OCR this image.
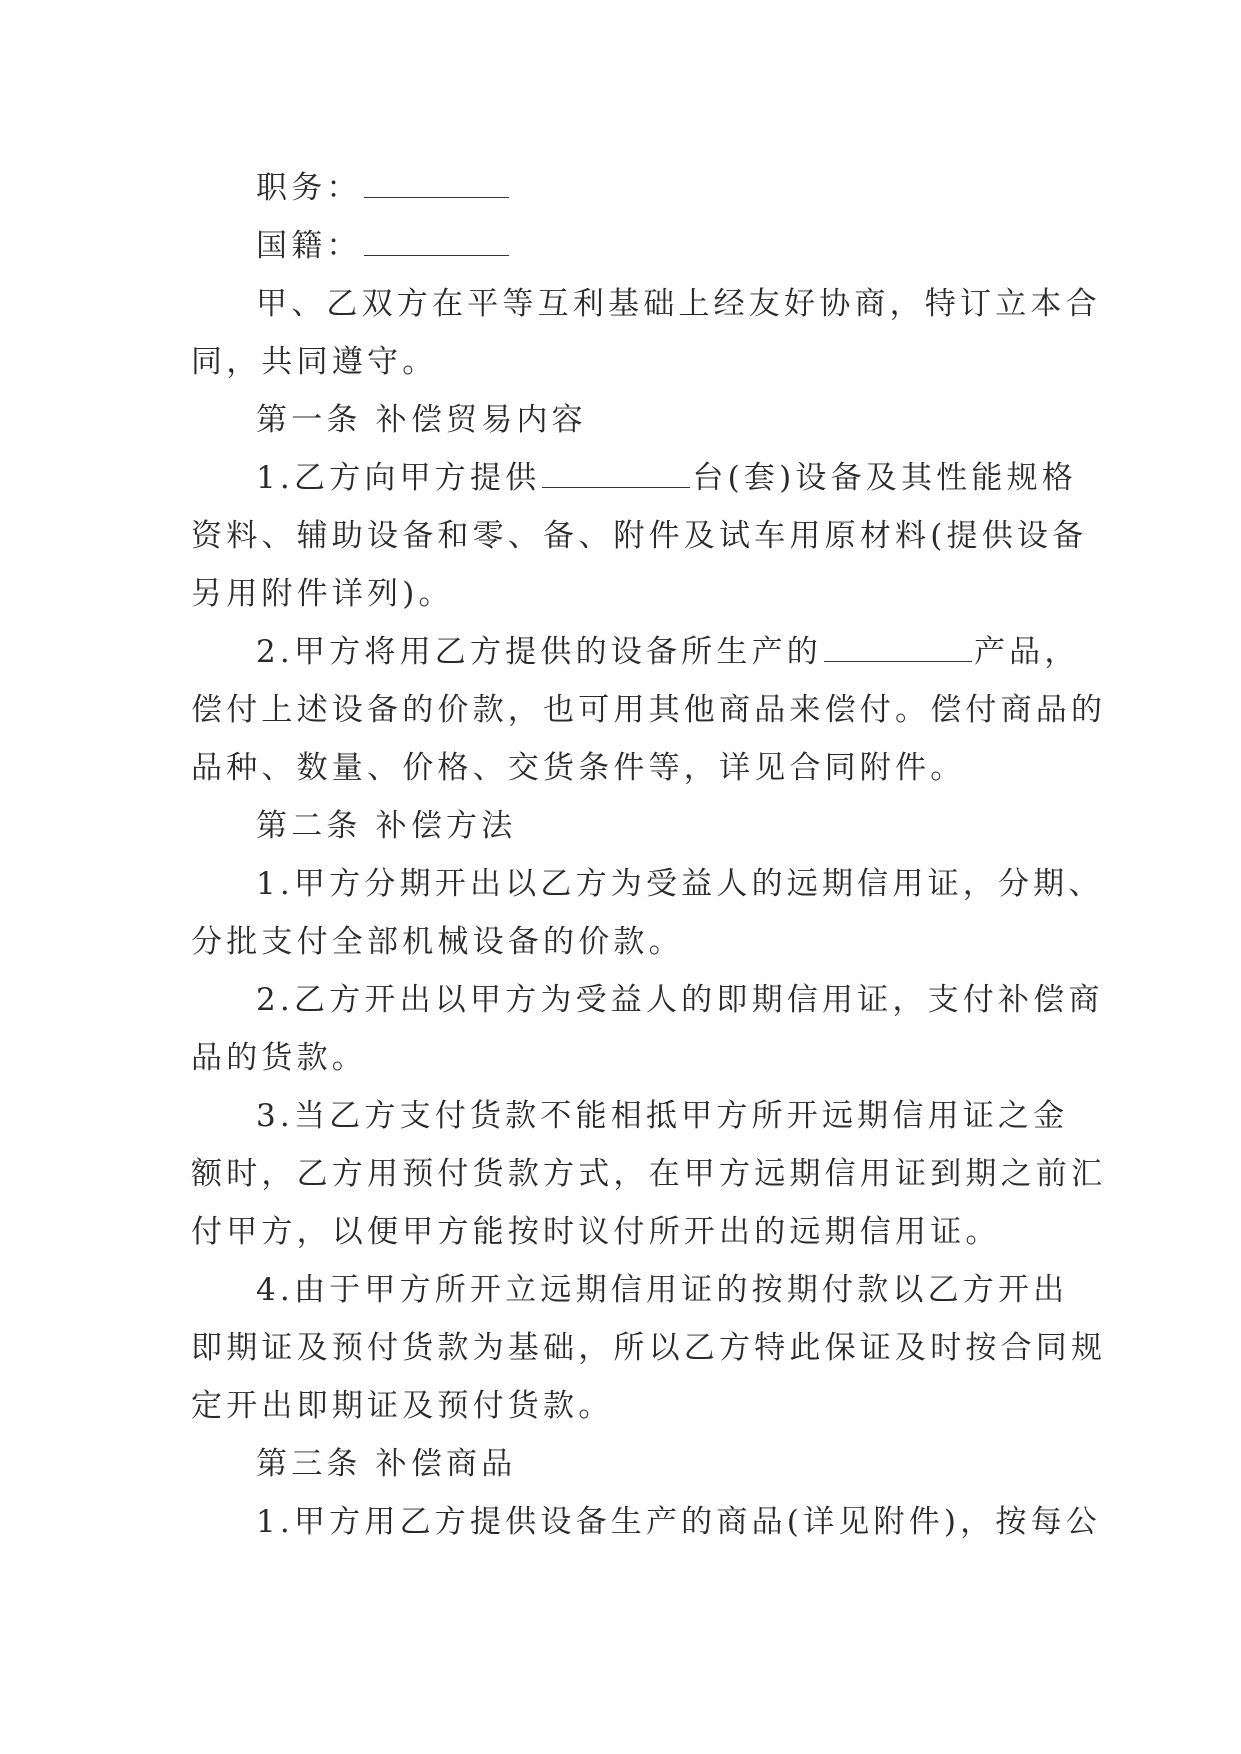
职务：
国籍：
甲、乙双方在平等互利基础上经友好协商，特订立本合
同，共同遵守。
第一条 补偿贸易内容
1.乙方向甲方提供	台(套)设备及其性能规格
资料、辅助设备和零、备、附件及试车用原材料(提供设备
另用附件详列)。
2.甲方将用乙方提供的设备所生产的	产品，
偿付上述设备的价款，也可用其他商品来偿付。偿付商品的
品种、数量、价格、交货条件等，详见合同附件。
第二条 补偿方法
1.甲方分期开出以乙方为受益人的远期信用证，分期、
分批支付全部机械设备的价款。
2.乙方开出以甲方为受益人的即期信用证，支付补偿商
品的货款。
3.当乙方支付货款不能相抵甲方所开远期信用证之金
额时，乙方用预付货款方式，在甲方远期信用证到期之前汇
付甲方，以便甲方能按时议付所开出的远期信用证。
4.由于甲方所开立远期信用证的按期付款以乙方开出
即期证及预付货款为基础，所以乙方特此保证及时按合同规
定开出即期证及预付货款。
第三条 补偿商品
1.甲方用乙方提供设备生产的商品(详见附件)，按每公
